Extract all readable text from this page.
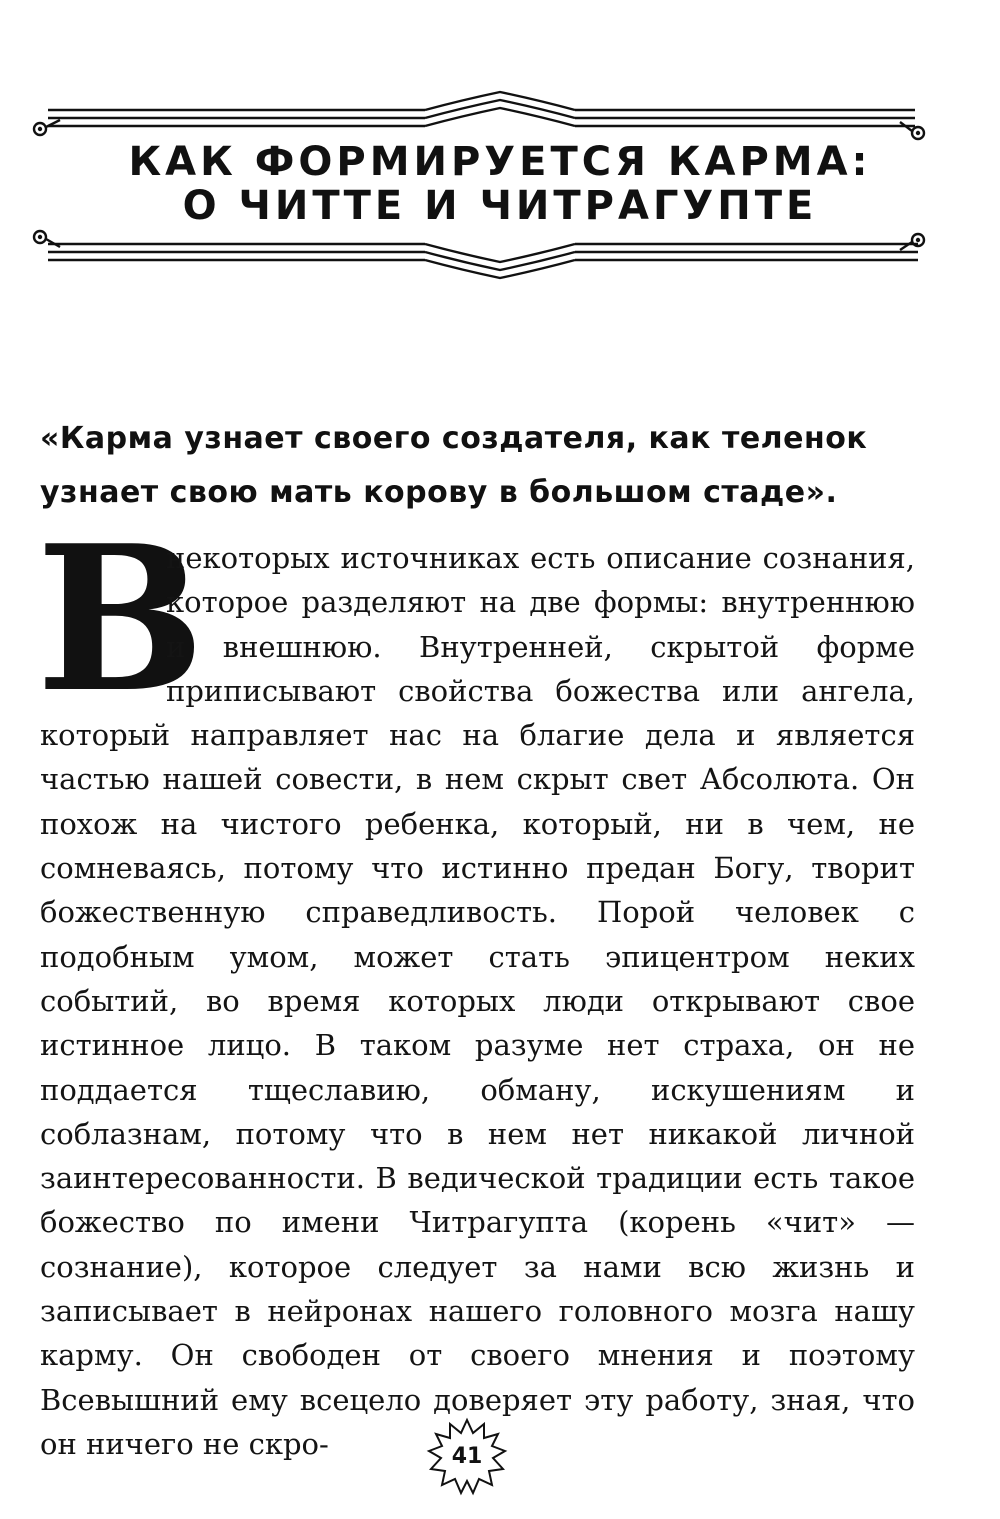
КАК ФОРМИРУЕТСЯ КАРМА:
О ЧИТТЕ И ЧИТРАГУПТЕ
«Карма узнает своего создателя, как теленок
узнает свою мать корову в большом стаде».
В
некоторых источниках есть описание сознания, которое разделяют на две формы: внутреннюю и внешнюю. Внутренней, скрытой форме приписывают свойства божества или ангела, который направляет нас на благие дела и является частью нашей совести, в нем скрыт свет Абсолюта. Он похож на чистого ребенка, который, ни в чем, не сомневаясь, потому что истинно предан Богу, творит божественную справедливость. Порой человек с подобным умом, может стать эпицентром неких событий, во время которых люди открывают свое истинное лицо. В таком разуме нет страха, он не поддается тщеславию, обману, искушениям и соблазнам, потому что в нем нет никакой личной заинтересованности. В ведической традиции есть такое божество по имени Читрагупта (корень «чит» — сознание), которое следует за нами всю жизнь и записывает в нейронах нашего головного мозга нашу карму. Он свободен от своего мнения и поэтому Всевышний ему всецело доверяет эту работу, зная, что он ничего не скро-	41
